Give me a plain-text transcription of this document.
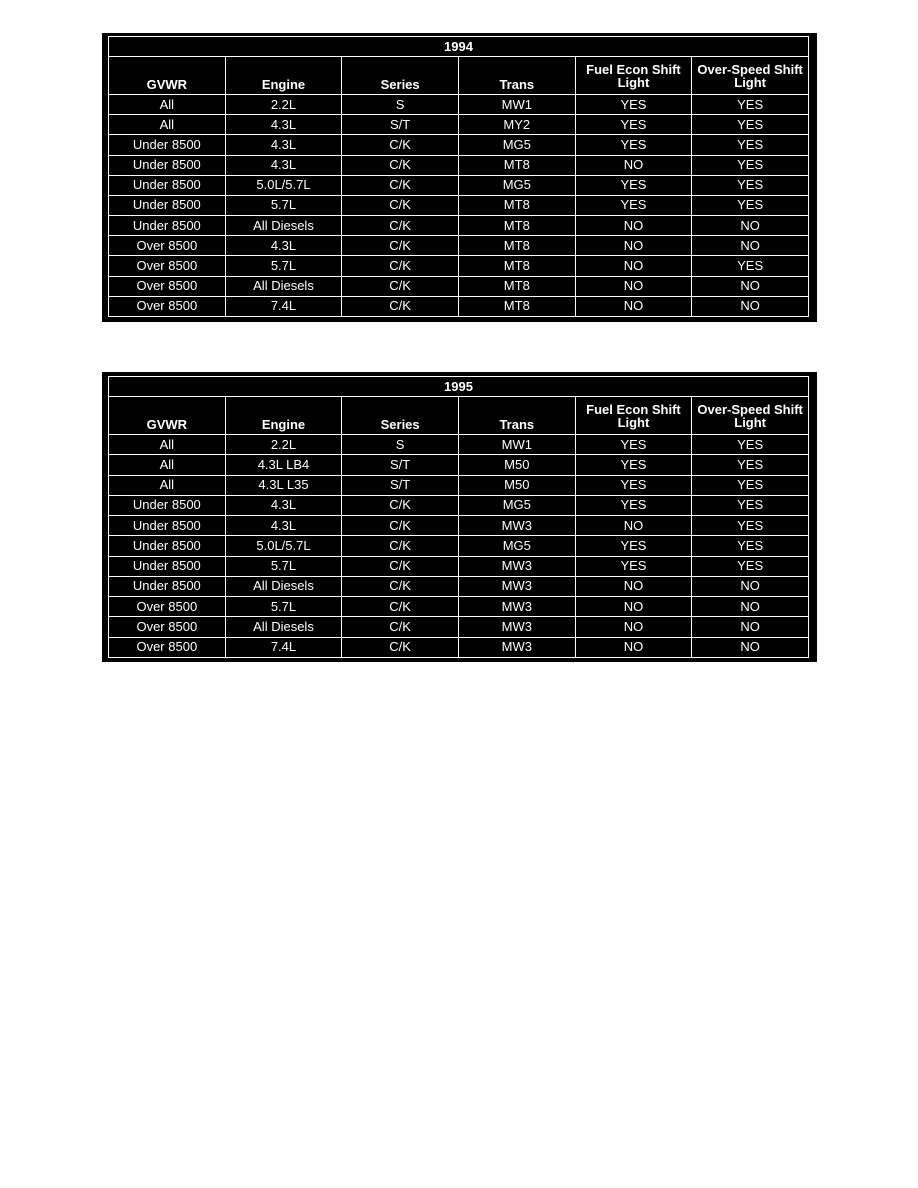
1994					
GVWR	Engine	Series	Trans	Fuel Econ Shift Light	Over-Speed Shift Light
All	2.2L	S	MW1	YES	YES
All	4.3L	S/T	MY2	YES	YES
Under 8500	4.3L	C/K	MG5	YES	YES
Under 8500	4.3L	C/K	MT8	NO	YES
Under 8500	5.0L/5.7L	C/K	MG5	YES	YES
Under 8500	5.7L	C/K	MT8	YES	YES
Under 8500	All Diesels	C/K	MT8	NO	NO
Over 8500	4.3L	C/K	MT8	NO	NO
Over 8500	5.7L	C/K	MT8	NO	YES
Over 8500	All Diesels	C/K	MT8	NO	NO
Over 8500	7.4L	C/K	MT8	NO	NO
1995					
GVWR	Engine	Series	Trans	Fuel Econ Shift Light	Over-Speed Shift Light
All	2.2L	S	MW1	YES	YES
All	4.3L LB4	S/T	M50	YES	YES
All	4.3L L35	S/T	M50	YES	YES
Under 8500	4.3L	C/K	MG5	YES	YES
Under 8500	4.3L	C/K	MW3	NO	YES
Under 8500	5.0L/5.7L	C/K	MG5	YES	YES
Under 8500	5.7L	C/K	MW3	YES	YES
Under 8500	All Diesels	C/K	MW3	NO	NO
Over 8500	5.7L	C/K	MW3	NO	NO
Over 8500	All Diesels	C/K	MW3	NO	NO
Over 8500	7.4L	C/K	MW3	NO	NO
